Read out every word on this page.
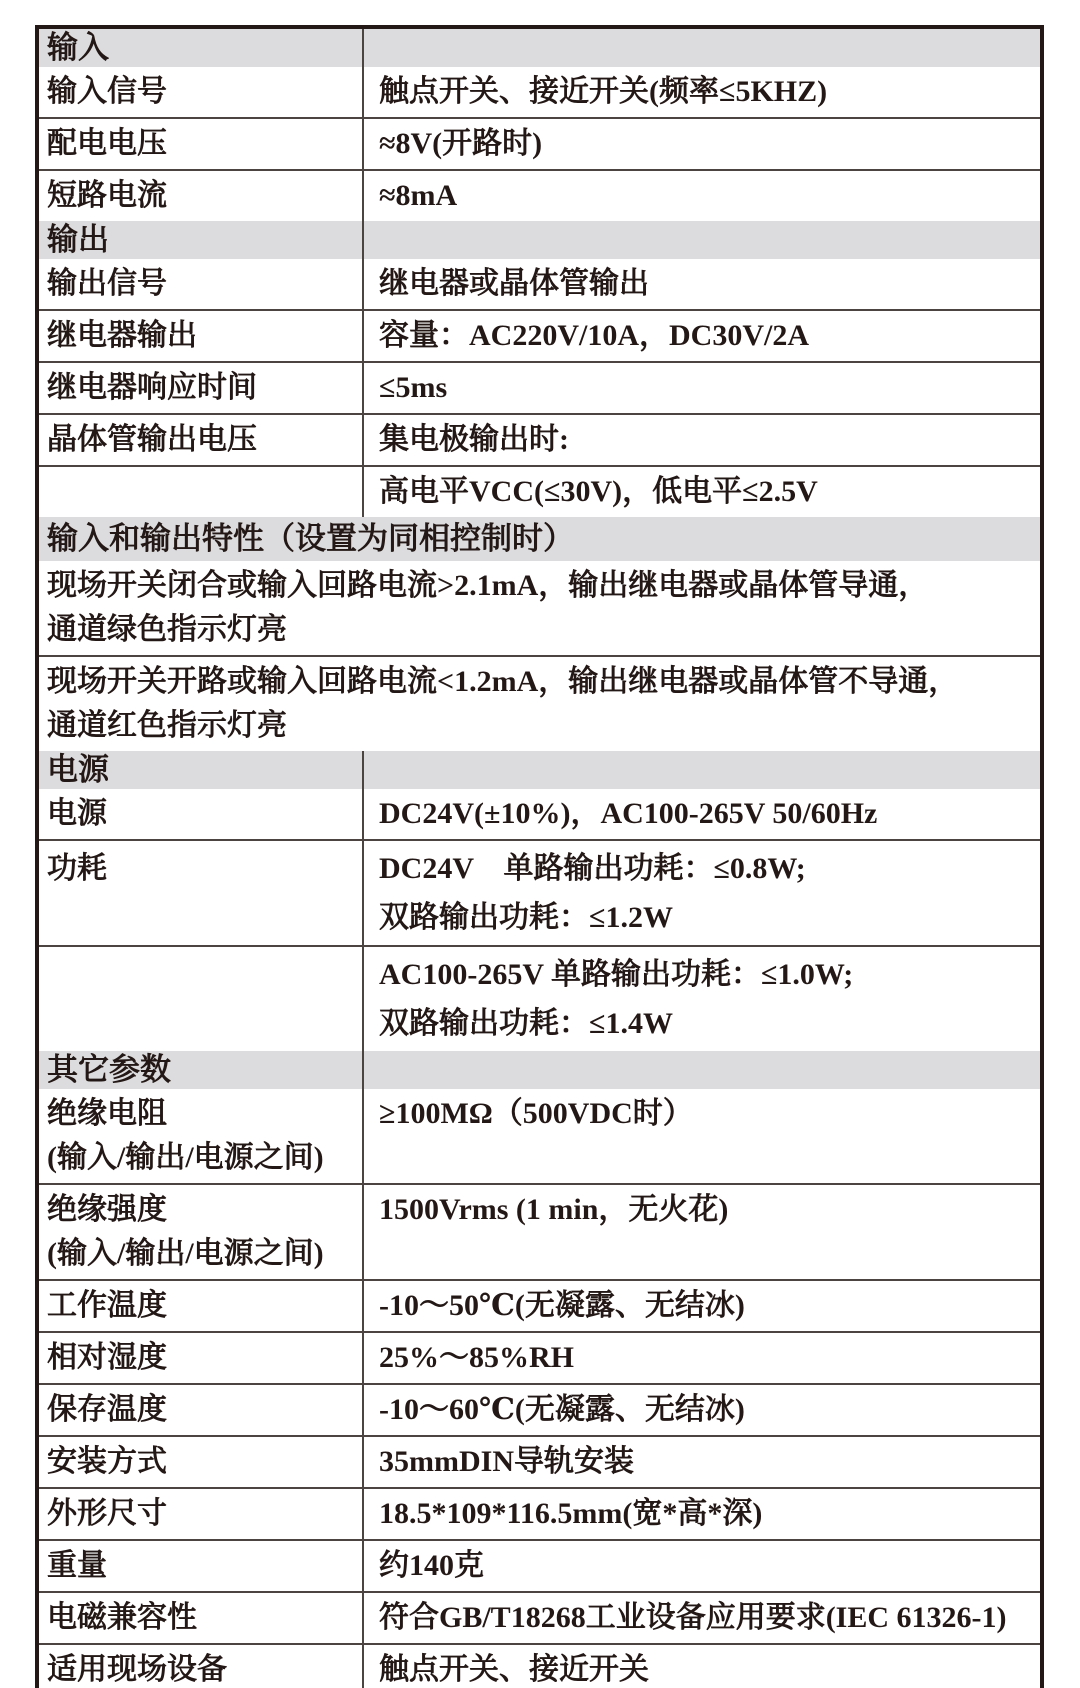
输入	
输入信号	触点开关、接近开关(频率≤5KHZ)
配电电压	≈8V(开路时)
短路电流	≈8mA
输出	
输出信号	继电器或晶体管输出
继电器输出	容量：AC220V/10A，DC30V/2A
继电器响应时间	≤5ms
晶体管输出电压	集电极输出时:
	高电平VCC(≤30V)，低电平≤2.5V
输入和输出特性（设置为同相控制时）	

现场开关闭合或输入回路电流>2.1mA，输出继电器或晶体管导通，
通道绿色指示灯亮	

现场开关开路或输入回路电流<1.2mA，输出继电器或晶体管不导通，
通道红色指示灯亮	

电源	
电源	DC24V(±10%)，AC100-265V 50/60Hz
功耗	DC24V　单路输出功耗：≤0.8W;
双路输出功耗：≤1.2W

	AC100-265V 单路输出功耗：≤1.0W;
双路输出功耗：≤1.4W

其它参数	

绝缘电阻
(输入/输出/电源之间)	≥100MΩ（500VDC时）

绝缘强度
(输入/输出/电源之间)	1500Vrms (1 min，无火花)
工作温度	-10～50℃(无凝露、无结冰)
相对湿度	25%～85%RH
保存温度	-10～60℃(无凝露、无结冰)
安装方式	35mmDIN导轨安装
外形尺寸	18.5*109*116.5mm(宽*高*深)
重量	约140克
电磁兼容性	符合GB/T18268工业设备应用要求(IEC 61326-1)
适用现场设备	触点开关、接近开关
